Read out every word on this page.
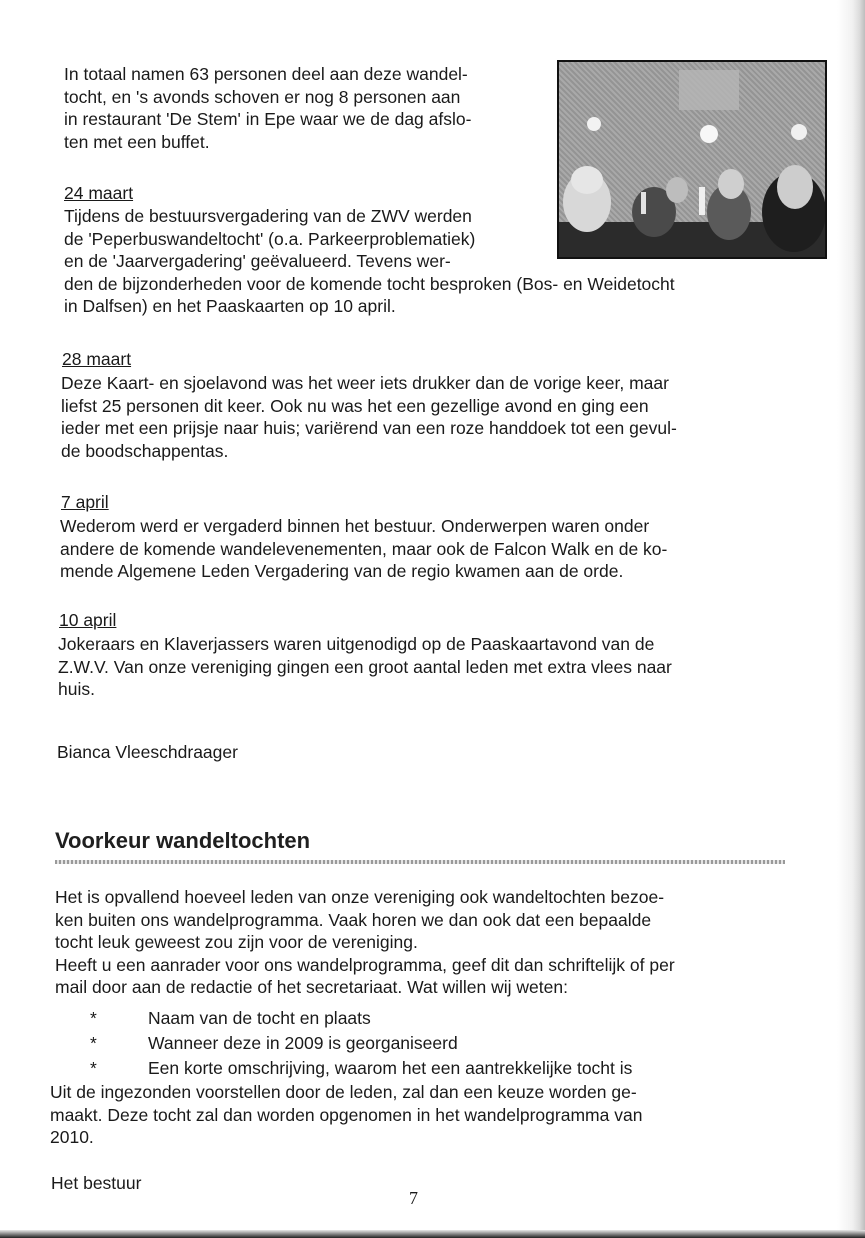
In totaal namen 63 personen deel aan deze wandel-
tocht, en 's avonds schoven er nog 8 personen aan
in restaurant 'De Stem' in Epe waar we de dag afslo-
ten met een buffet.

24 maart

Tijdens de bestuursvergadering van de ZWV werden
de 'Peperbuswandeltocht' (o.a. Parkeerproblematiek)
en de 'Jaarvergadering' geëvalueerd. Tevens wer-
den de bijzonderheden voor de komende tocht besproken (Bos- en Weidetocht
in Dalfsen) en het Paaskaarten op 10 april.

28 maart

Deze Kaart- en sjoelavond was het weer iets drukker dan de vorige keer, maar
liefst 25 personen dit keer. Ook nu was het een gezellige avond en ging een
ieder met een prijsje naar huis; variërend van een roze handdoek tot een gevul-
de boodschappentas.

7 april

Wederom werd er vergaderd binnen het bestuur. Onderwerpen waren onder
andere de komende wandelevenementen, maar ook de Falcon Walk en de ko-
mende Algemene Leden Vergadering van de regio kwamen aan de orde.

10 april

Jokeraars en Klaverjassers waren uitgenodigd op de Paaskaartavond van de
Z.W.V. Van onze vereniging gingen een groot aantal leden met extra vlees naar
huis.

Bianca Vleeschdraager

Voorkeur wandeltochten
Het is opvallend hoeveel leden van onze vereniging ook wandeltochten bezoe-
ken buiten ons wandelprogramma. Vaak horen we dan ook dat een bepaalde
tocht leuk geweest zou zijn voor de vereniging.
Heeft u een aanrader voor ons wandelprogramma, geef dit dan schriftelijk of per
mail door aan de redactie of het secretariaat. Wat willen wij weten:
*	Naam van de tocht en plaats
*	Wanneer deze in 2009 is georganiseerd
*	Een korte omschrijving, waarom het een aantrekkelijke tocht is
Uit de ingezonden voorstellen door de leden, zal dan een keuze worden ge-
maakt. Deze tocht zal dan worden opgenomen in het wandelprogramma van
2010.

Het bestuur

7
